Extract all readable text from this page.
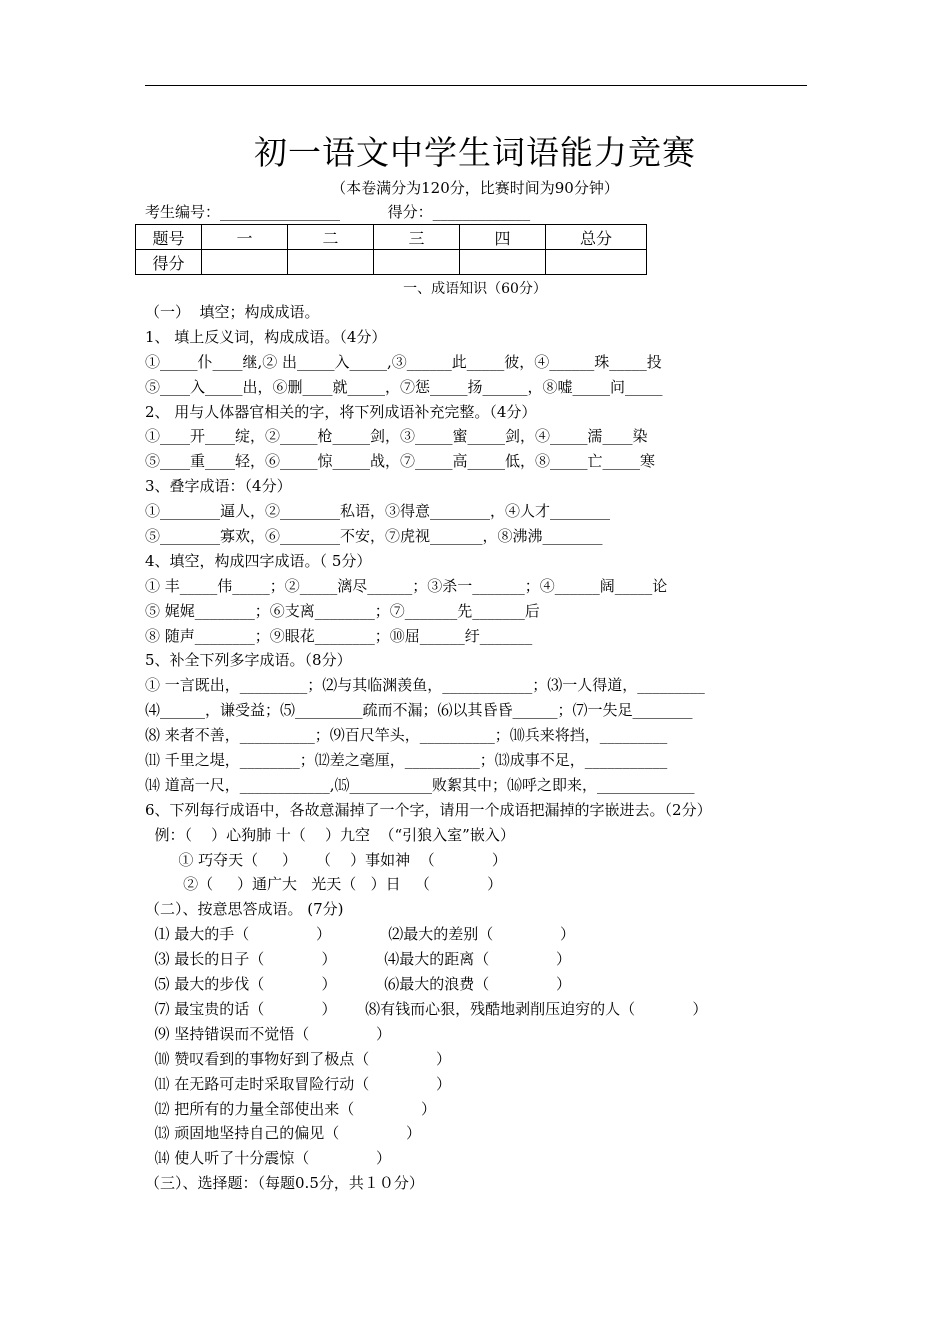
初一语文中学生词语能力竞赛
（本卷满分为120分，比赛时间为90分钟）
考生编号：________________          得分：_____________
题号	一	二	三	四	总分
得分					
一、成语知识（60分）
（一）  填空；构成成语。
1、 填上反义词，构成成语。（4分）
①_____仆____继,② 出_____入_____,③______此_____彼，④______珠_____投
⑤____入_____出，⑥删____就_____，⑦惩_____扬______，⑧嘘_____问_____
2、 用与人体器官相关的字，将下列成语补充完整。（4分）
①____开____绽，②_____枪_____剑，③_____蜜_____剑，④_____濡____染
⑤____重____轻，⑥_____惊_____战，⑦_____高_____低，⑧_____亡_____寒
3、叠字成语：（4分）
①________逼人，②________私语，③得意________，④人才________
⑤________寡欢，⑥________不安，⑦虎视_______，⑧沸沸________
4、填空，构成四字成语。（ 5分）
① 丰_____伟_____；②_____漓尽______；③杀一_______；④______阔_____论
⑤ 娓娓________；⑥支离________；⑦_______先_______后
⑧ 随声________；⑨眼花________；⑩屈______纡_______
5、补全下列多字成语。（8分）
① 一言既出，_________；⑵与其临渊羡鱼，____________；⑶一人得道，_________
⑷______，谦受益；⑸_________疏而不漏；⑹以其昏昏______；⑺一失足________
⑻ 来者不善，__________；⑼百尺竿头，__________；⑽兵来将挡，_________
⑾ 千里之堤，________；⑿差之毫厘，__________；⒀成事不足，___________
⒁ 道高一尺，____________,⒂___________败絮其中；⒃呼之即来，_____________
6、下列每行成语中，各故意漏掉了一个字，请用一个成语把漏掉的字嵌进去。（2分）
例：（    ）心狗肺 十（    ）九空  （“引狼入室”嵌入）
① 巧夺天（     ）    （    ）事如神  （            ）
②（     ）通广大   光天（   ）日   （            ）
（二）、按意思答成语。 (7分)
⑴ 最大的手（              ）            ⑵最大的差别（              ）
⑶ 最长的日子（            ）          ⑷最大的距离（              ）
⑸ 最大的步伐（            ）          ⑹最大的浪费（              ）
⑺ 最宝贵的话（            ）      ⑻有钱而心狠，残酷地剥削压迫穷的人（            ）
⑼ 坚持错误而不觉悟（              ）
⑽ 赞叹看到的事物好到了极点（              ）
⑾ 在无路可走时采取冒险行动（              ）
⑿ 把所有的力量全部使出来（              ）
⒀ 顽固地坚持自己的偏见（              ）
⒁ 使人听了十分震惊（              ）
（三）、选择题：（每题0.5分，共１０分）
